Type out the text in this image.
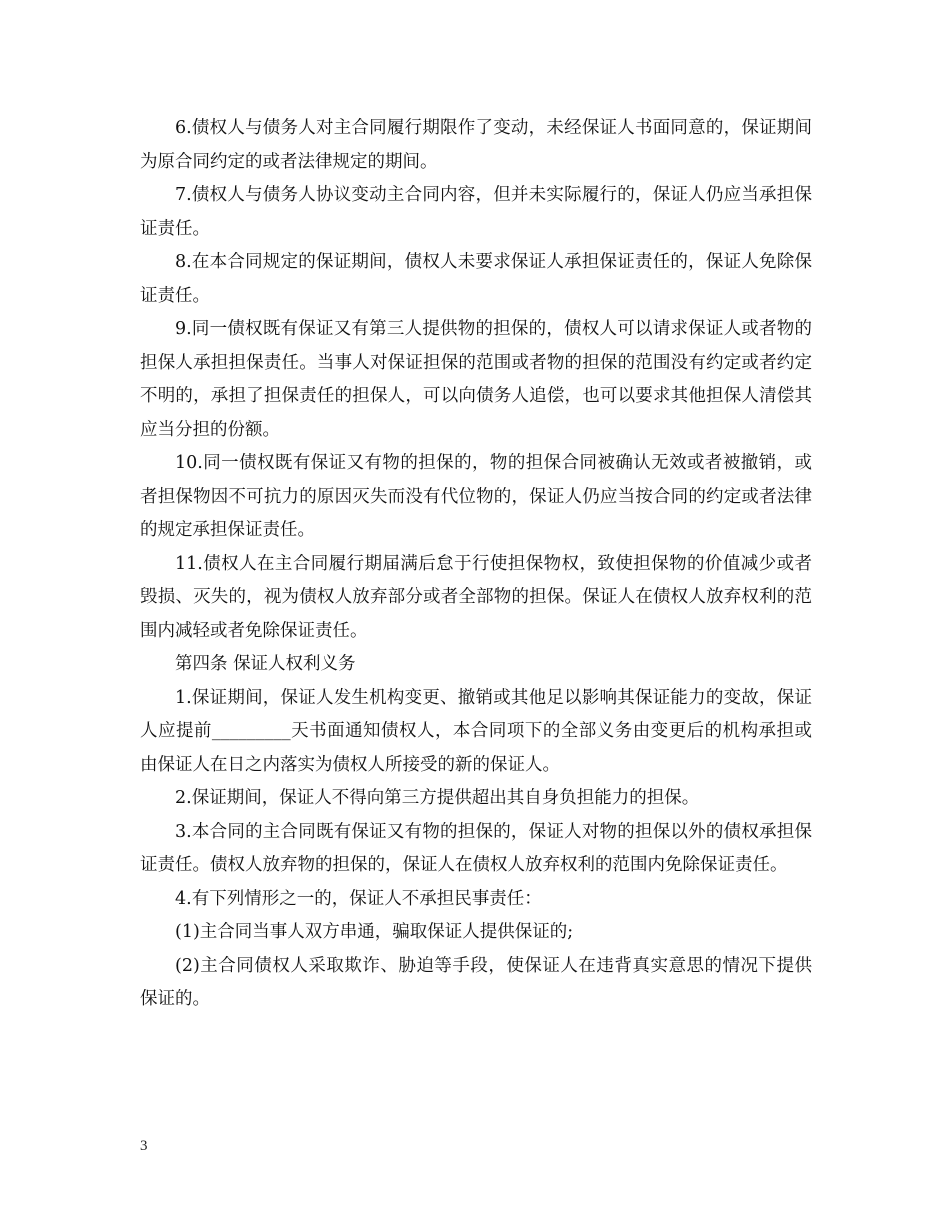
6.债权人与债务人对主合同履行期限作了变动，未经保证人书面同意的，保证期间为原合同约定的或者法律规定的期间。

7.债权人与债务人协议变动主合同内容，但并未实际履行的，保证人仍应当承担保证责任。

8.在本合同规定的保证期间，债权人未要求保证人承担保证责任的，保证人免除保证责任。

9.同一债权既有保证又有第三人提供物的担保的，债权人可以请求保证人或者物的担保人承担担保责任。当事人对保证担保的范围或者物的担保的范围没有约定或者约定不明的，承担了担保责任的担保人，可以向债务人追偿，也可以要求其他担保人清偿其应当分担的份额。

10.同一债权既有保证又有物的担保的，物的担保合同被确认无效或者被撤销，或者担保物因不可抗力的原因灭失而没有代位物的，保证人仍应当按合同的约定或者法律的规定承担保证责任。

11.债权人在主合同履行期届满后怠于行使担保物权，致使担保物的价值减少或者毁损、灭失的，视为债权人放弃部分或者全部物的担保。保证人在债权人放弃权利的范围内减轻或者免除保证责任。

第四条 保证人权利义务

1.保证期间，保证人发生机构变更、撤销或其他足以影响其保证能力的变故，保证人应提前_________天书面通知债权人，本合同项下的全部义务由变更后的机构承担或由保证人在日之内落实为债权人所接受的新的保证人。

2.保证期间，保证人不得向第三方提供超出其自身负担能力的担保。

3.本合同的主合同既有保证又有物的担保的，保证人对物的担保以外的债权承担保证责任。债权人放弃物的担保的，保证人在债权人放弃权利的范围内免除保证责任。

4.有下列情形之一的，保证人不承担民事责任：

(1)主合同当事人双方串通，骗取保证人提供保证的;

(2)主合同债权人采取欺诈、胁迫等手段，使保证人在违背真实意思的情况下提供保证的。

3
